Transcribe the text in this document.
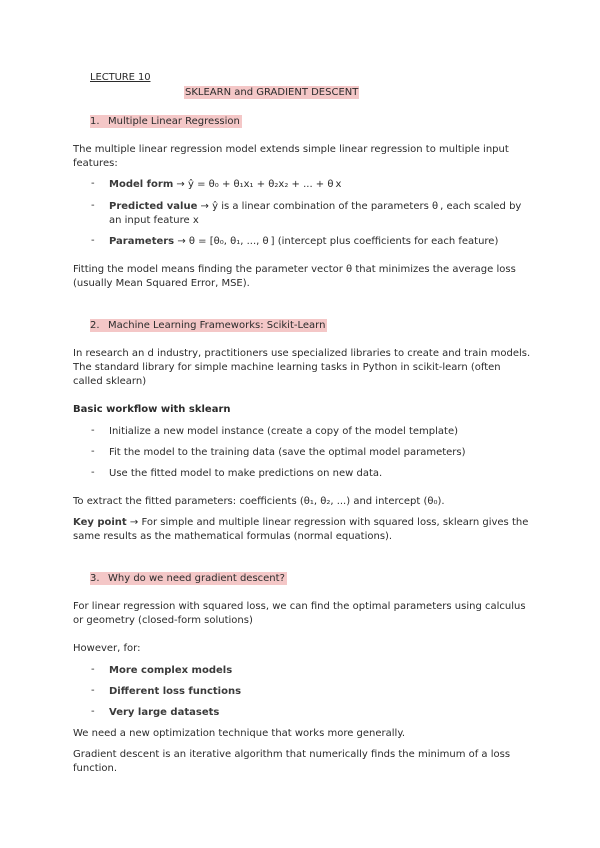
LECTURE 10
SKLEARN and GRADIENT DESCENT
1. Multiple Linear Regression
The multiple linear regression model extends simple linear regression to multiple input features:
- Model form → ŷ = θ₀ + θ₁x₁ + θ₂x₂ + ... + θ x
- Predicted value → ŷ is a linear combination of the parameters θ , each scaled by an input feature x 
- Parameters → θ = [θ₀, θ₁, ..., θ ] (intercept plus coefficients for each feature)
Fitting the model means finding the parameter vector θ that minimizes the average loss (usually Mean Squared Error, MSE).
2. Machine Learning Frameworks: Scikit-Learn
In research an d industry, practitioners use specialized libraries to create and train models. The standard library for simple machine learning tasks in Python in scikit-learn (often called sklearn)
Basic workflow with sklearn
- Initialize a new model instance (create a copy of the model template)
- Fit the model to the training data (save the optimal model parameters)
- Use the fitted model to make predictions on new data.
To extract the fitted parameters: coefficients (θ₁, θ₂, ...) and intercept (θ₀).
Key point → For simple and multiple linear regression with squared loss, sklearn gives the same results as the mathematical formulas (normal equations).
3. Why do we need gradient descent?
For linear regression with squared loss, we can find the optimal parameters using calculus or geometry (closed-form solutions)
However, for:
- More complex models
- Different loss functions
- Very large datasets
We need a new optimization technique that works more generally.
Gradient descent is an iterative algorithm that numerically finds the minimum of a loss function.
